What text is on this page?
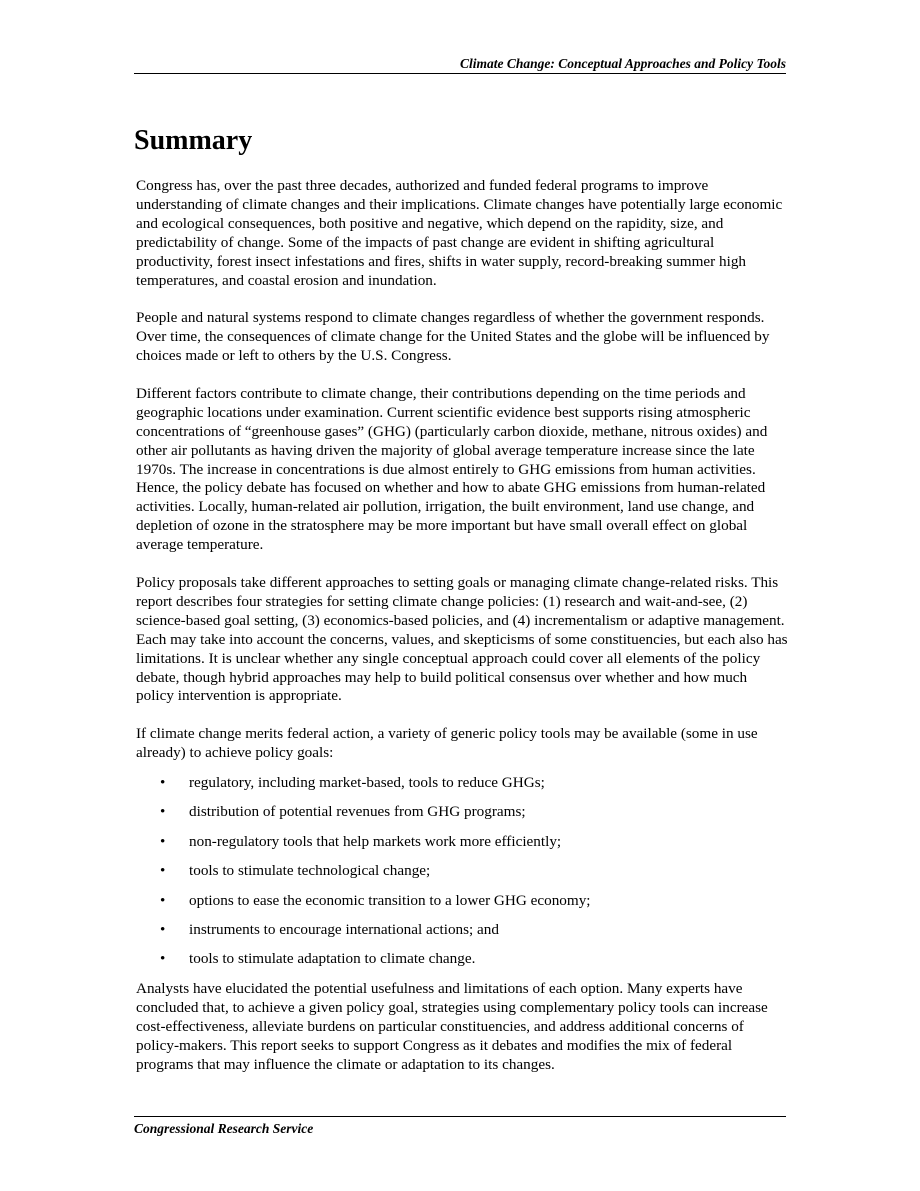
Climate Change: Conceptual Approaches and Policy Tools
Summary

Congress has, over the past three decades, authorized and funded federal programs to improve understanding of climate changes and their implications. Climate changes have potentially large economic and ecological consequences, both positive and negative, which depend on the rapidity, size, and predictability of change. Some of the impacts of past change are evident in shifting agricultural productivity, forest insect infestations and fires, shifts in water supply, record-breaking summer high temperatures, and coastal erosion and inundation.

People and natural systems respond to climate changes regardless of whether the government responds. Over time, the consequences of climate change for the United States and the globe will be influenced by choices made or left to others by the U.S. Congress.

Different factors contribute to climate change, their contributions depending on the time periods and geographic locations under examination. Current scientific evidence best supports rising atmospheric concentrations of “greenhouse gases” (GHG) (particularly carbon dioxide, methane, nitrous oxides) and other air pollutants as having driven the majority of global average temperature increase since the late 1970s. The increase in concentrations is due almost entirely to GHG emissions from human activities. Hence, the policy debate has focused on whether and how to abate GHG emissions from human-related activities. Locally, human-related air pollution, irrigation, the built environment, land use change, and depletion of ozone in the stratosphere may be more important but have small overall effect on global average temperature.

Policy proposals take different approaches to setting goals or managing climate change-related risks. This report describes four strategies for setting climate change policies: (1) research and wait-and-see, (2) science-based goal setting, (3) economics-based policies, and (4) incrementalism or adaptive management. Each may take into account the concerns, values, and skepticisms of some constituencies, but each also has limitations. It is unclear whether any single conceptual approach could cover all elements of the policy debate, though hybrid approaches may help to build political consensus over whether and how much policy intervention is appropriate.

If climate change merits federal action, a variety of generic policy tools may be available (some in use already) to achieve policy goals:

• regulatory, including market-based, tools to reduce GHGs;
• distribution of potential revenues from GHG programs;
• non-regulatory tools that help markets work more efficiently;
• tools to stimulate technological change;
• options to ease the economic transition to a lower GHG economy;
• instruments to encourage international actions; and
• tools to stimulate adaptation to climate change.

Analysts have elucidated the potential usefulness and limitations of each option. Many experts have concluded that, to achieve a given policy goal, strategies using complementary policy tools can increase cost-effectiveness, alleviate burdens on particular constituencies, and address additional concerns of policy-makers. This report seeks to support Congress as it debates and modifies the mix of federal programs that may influence the climate or adaptation to its changes.

Congressional Research Service
